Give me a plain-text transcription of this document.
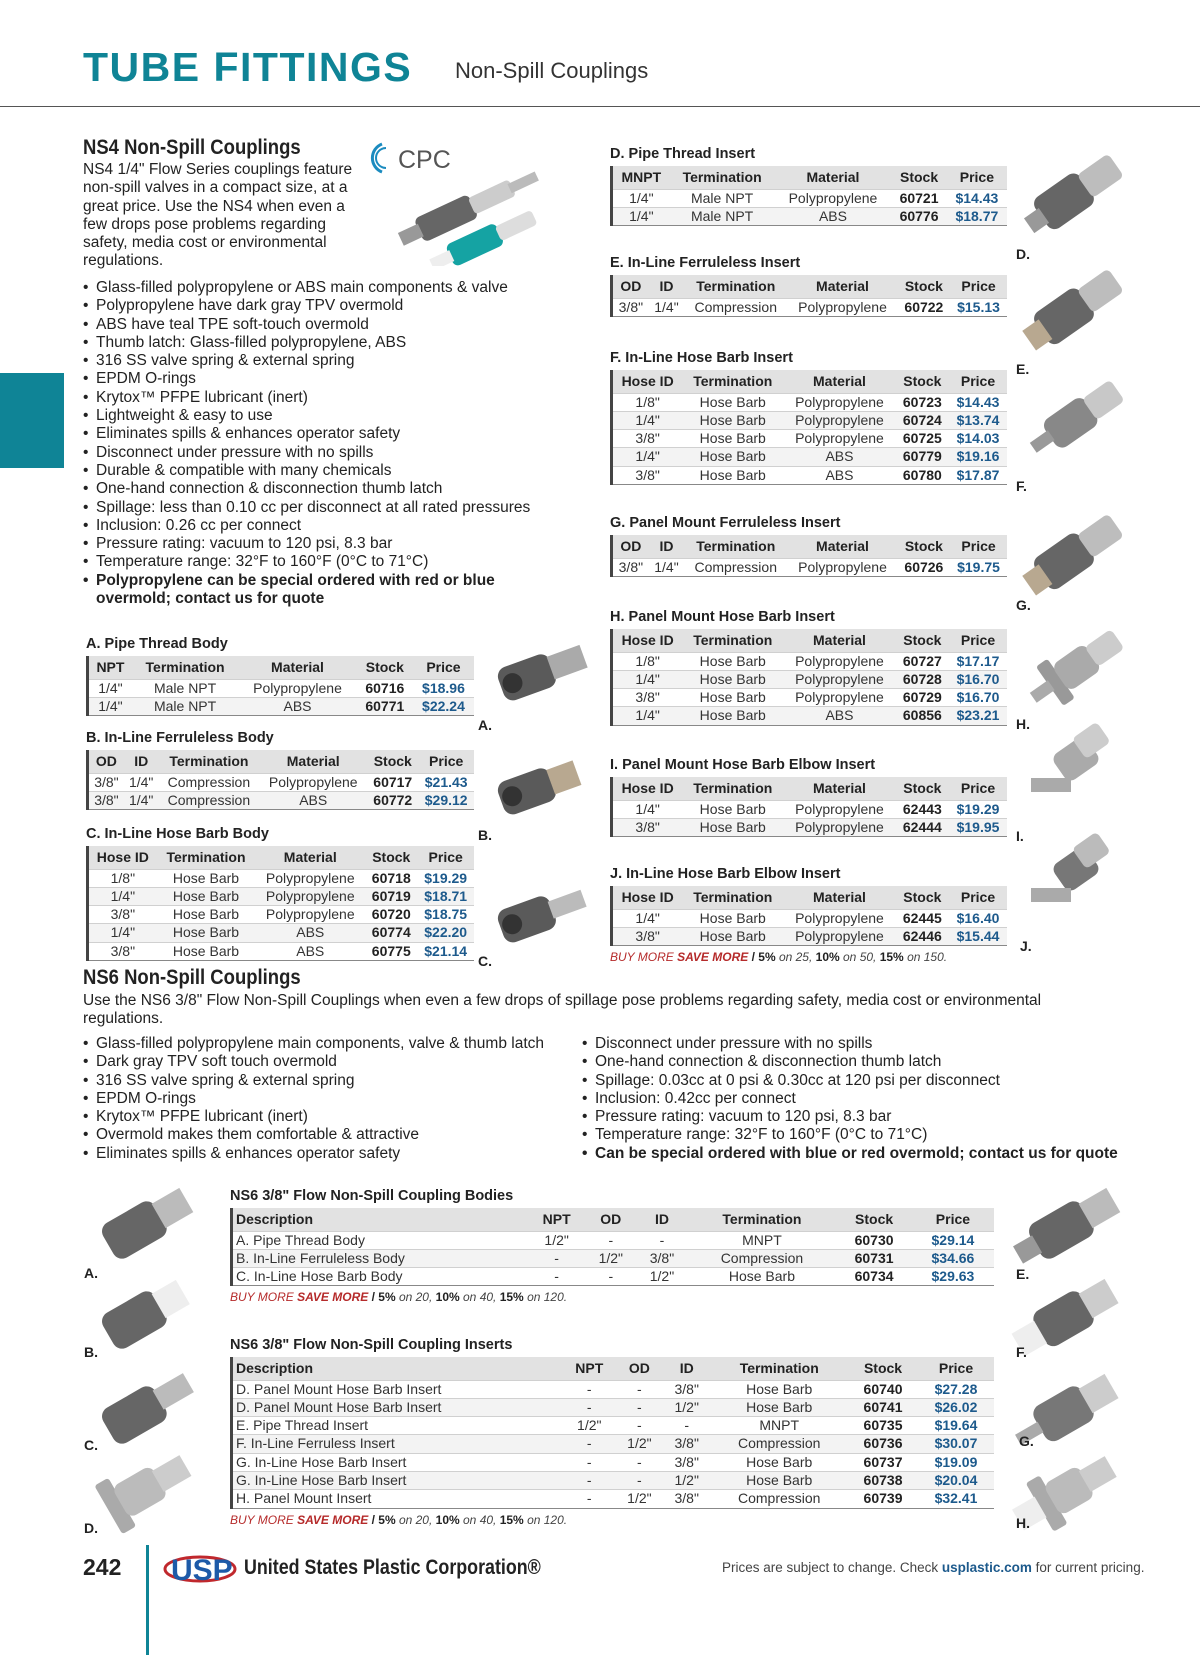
TUBE FITTINGS Non-Spill Couplings
NS4 Non-Spill Couplings	CPC
NS4 1/4" Flow Series couplings feature non-spill valves in a compact size, at a great price. Use the NS4 when even a few drops pose problems regarding safety, media cost or environmental regulations.
• Glass-filled polypropylene or ABS main components & valve
• Polypropylene have dark gray TPV overmold
• ABS have teal TPE soft-touch overmold
• Thumb latch: Glass-filled polypropylene, ABS
• 316 SS valve spring & external spring
• EPDM O-rings
• Krytox™ PFPE lubricant (inert)
• Lightweight & easy to use
• Eliminates spills & enhances operator safety
• Disconnect under pressure with no spills
• Durable & compatible with many chemicals
• One-hand connection & disconnection thumb latch
• Spillage: less than 0.10 cc per disconnect at all rated pressures
• Inclusion: 0.26 cc per connect
• Pressure rating: vacuum to 120 psi, 8.3 bar
• Temperature range: 32°F to 160°F (0°C to 71°C)
• Polypropylene can be special ordered with red or blue overmold; contact us for quote
A. Pipe Thread Body
NPT	Termination	Material	Stock	Price
1/4"	Male NPT	Polypropylene	60716	$18.96
1/4"	Male NPT	ABS	60771	$22.24
A.
B. In-Line Ferruleless Body
OD	ID	Termination	Material	Stock	Price
3/8"	1/4"	Compression	Polypropylene	60717	$21.43
3/8"	1/4"	Compression	ABS	60772	$29.12
B.
C. In-Line Hose Barb Body
Hose ID	Termination	Material	Stock	Price
1/8"	Hose Barb	Polypropylene	60718	$19.29
1/4"	Hose Barb	Polypropylene	60719	$18.71
3/8"	Hose Barb	Polypropylene	60720	$18.75
1/4"	Hose Barb	ABS	60774	$22.20
3/8"	Hose Barb	ABS	60775	$21.14
C.
D. Pipe Thread Insert
MNPT	Termination	Material	Stock	Price
1/4"	Male NPT	Polypropylene	60721	$14.43
1/4"	Male NPT	ABS	60776	$18.77
E. In-Line Ferruleless Insert
OD	ID	Termination	Material	Stock	Price
3/8"	1/4"	Compression	Polypropylene	60722	$15.13
F. In-Line Hose Barb Insert
Hose ID	Termination	Material	Stock	Price
1/8"	Hose Barb	Polypropylene	60723	$14.43
1/4"	Hose Barb	Polypropylene	60724	$13.74
3/8"	Hose Barb	Polypropylene	60725	$14.03
1/4"	Hose Barb	ABS	60779	$19.16
3/8"	Hose Barb	ABS	60780	$17.87
G. Panel Mount Ferruleless Insert
OD	ID	Termination	Material	Stock	Price
3/8"	1/4"	Compression	Polypropylene	60726	$19.75
H. Panel Mount Hose Barb Insert
Hose ID	Termination	Material	Stock	Price
1/8"	Hose Barb	Polypropylene	60727	$17.17
1/4"	Hose Barb	Polypropylene	60728	$16.70
3/8"	Hose Barb	Polypropylene	60729	$16.70
1/4"	Hose Barb	ABS	60856	$23.21
I. Panel Mount Hose Barb Elbow Insert
Hose ID	Termination	Material	Stock	Price
1/4"	Hose Barb	Polypropylene	62443	$19.29
3/8"	Hose Barb	Polypropylene	62444	$19.95
J. In-Line Hose Barb Elbow Insert
Hose ID	Termination	Material	Stock	Price
1/4"	Hose Barb	Polypropylene	62445	$16.40
3/8"	Hose Barb	Polypropylene	62446	$15.44
BUY MORE SAVE MORE / 5% on 25, 10% on 50, 15% on 150.
D.
E.
F.
G.
H.
I.
J.
NS6 Non-Spill Couplings
Use the NS6 3/8" Flow Non-Spill Couplings when even a few drops of spillage pose problems regarding safety, media cost or environmental regulations.
• Glass-filled polypropylene main components, valve & thumb latch
• Dark gray TPV soft touch overmold
• 316 SS valve spring & external spring
• EPDM O-rings
• Krytox™ PFPE lubricant (inert)
• Overmold makes them comfortable & attractive
• Eliminates spills & enhances operator safety
• Disconnect under pressure with no spills
• One-hand connection & disconnection thumb latch
• Spillage: 0.03cc at 0 psi & 0.30cc at 120 psi per disconnect
• Inclusion: 0.42cc per connect
• Pressure rating: vacuum to 120 psi, 8.3 bar
• Temperature range: 32°F to 160°F (0°C to 71°C)
• Can be special ordered with blue or red overmold; contact us for quote
NS6 3/8" Flow Non-Spill Coupling Bodies
Description	NPT	OD	ID	Termination	Stock	Price
A. Pipe Thread Body	1/2"	-	-	MNPT	60730	$29.14
B. In-Line Ferruleless Body	-	1/2"	3/8"	Compression	60731	$34.66
C. In-Line Hose Barb Body	-	-	1/2"	Hose Barb	60734	$29.63
BUY MORE SAVE MORE / 5% on 20, 10% on 40, 15% on 120.
NS6 3/8" Flow Non-Spill Coupling Inserts
Description	NPT	OD	ID	Termination	Stock	Price
D. Panel Mount Hose Barb Insert	-	-	3/8"	Hose Barb	60740	$27.28
D. Panel Mount Hose Barb Insert	-	-	1/2"	Hose Barb	60741	$26.02
E. Pipe Thread Insert	1/2"	-	-	MNPT	60735	$19.64
F. In-Line Ferruless Insert	-	1/2"	3/8"	Compression	60736	$30.07
G. In-Line Hose Barb Insert	-	-	3/8"	Hose Barb	60737	$19.09
G. In-Line Hose Barb Insert	-	-	1/2"	Hose Barb	60738	$20.04
H. Panel Mount Insert	-	1/2"	3/8"	Compression	60739	$32.41
BUY MORE SAVE MORE / 5% on 20, 10% on 40, 15% on 120.
A.
B.
C.
D.
E.
F.
G.
H.
242 USP United States Plastic Corporation®	Prices are subject to change. Check usplastic.com for current pricing.
